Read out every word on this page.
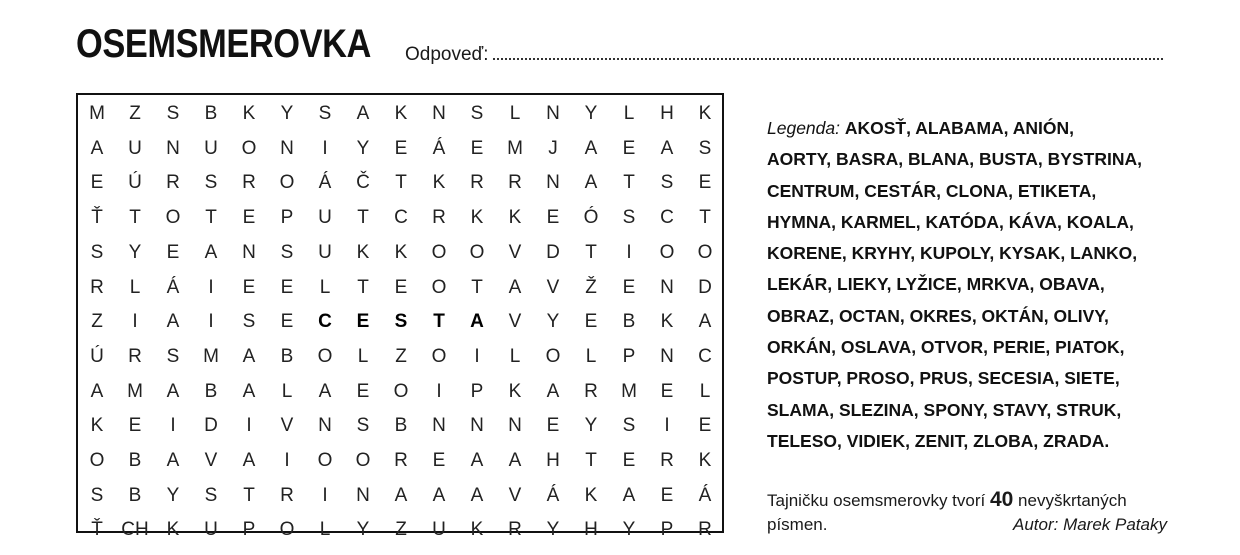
OSEMSMEROVKA Odpoveď:
M	Z	S	B	K	Y	S	A	K	N	S	L	N	Y	L	H	K
A	U	N	U	O	N	I	Y	E	Á	E	M	J	A	E	A	S
E	Ú	R	S	R	O	Á	Č	T	K	R	R	N	A	T	S	E
Ť	T	O	T	E	P	U	T	C	R	K	K	E	Ó	S	C	T
S	Y	E	A	N	S	U	K	K	O	O	V	D	T	I	O	O
R	L	Á	I	E	E	L	T	E	O	T	A	V	Ž	E	N	D
Z	I	A	I	S	E	C	E	S	T	A	V	Y	E	B	K	A
Ú	R	S	M	A	B	O	L	Z	O	I	L	O	L	P	N	C
A	M	A	B	A	L	A	E	O	I	P	K	A	R	M	E	L
K	E	I	D	I	V	N	S	B	N	N	N	E	Y	S	I	E
O	B	A	V	A	I	O	O	R	E	A	A	H	T	E	R	K
S	B	Y	S	T	R	I	N	A	A	A	V	Á	K	A	E	Á
Ť CH K	U	P	O	L	Y	Z	U	K	R	Y	H	Y	P	R
Legenda: AKOSŤ, ALABAMA, ANIÓN,
AORTY, BASRA, BLANA, BUSTA, BYSTRINA,
CENTRUM, CESTÁR, CLONA, ETIKETA,
HYMNA, KARMEL, KATÓDA, KÁVA, KOALA,
KORENE, KRYHY, KUPOLY, KYSAK, LANKO,
LEKÁR, LIEKY, LYŽICE, MRKVA, OBAVA,
OBRAZ, OCTAN, OKRES, OKTÁN, OLIVY,
ORKÁN, OSLAVA, OTVOR, PERIE, PIATOK,
POSTUP, PROSO, PRUS, SECESIA, SIETE,
SLAMA, SLEZINA, SPONY, STAVY, STRUK,
TELESO, VIDIEK, ZENIT, ZLOBA, ZRADA.
Tajničku osemsmerovky tvorí 40 nevyškrtaných
písmen.	Autor: Marek Pataky
